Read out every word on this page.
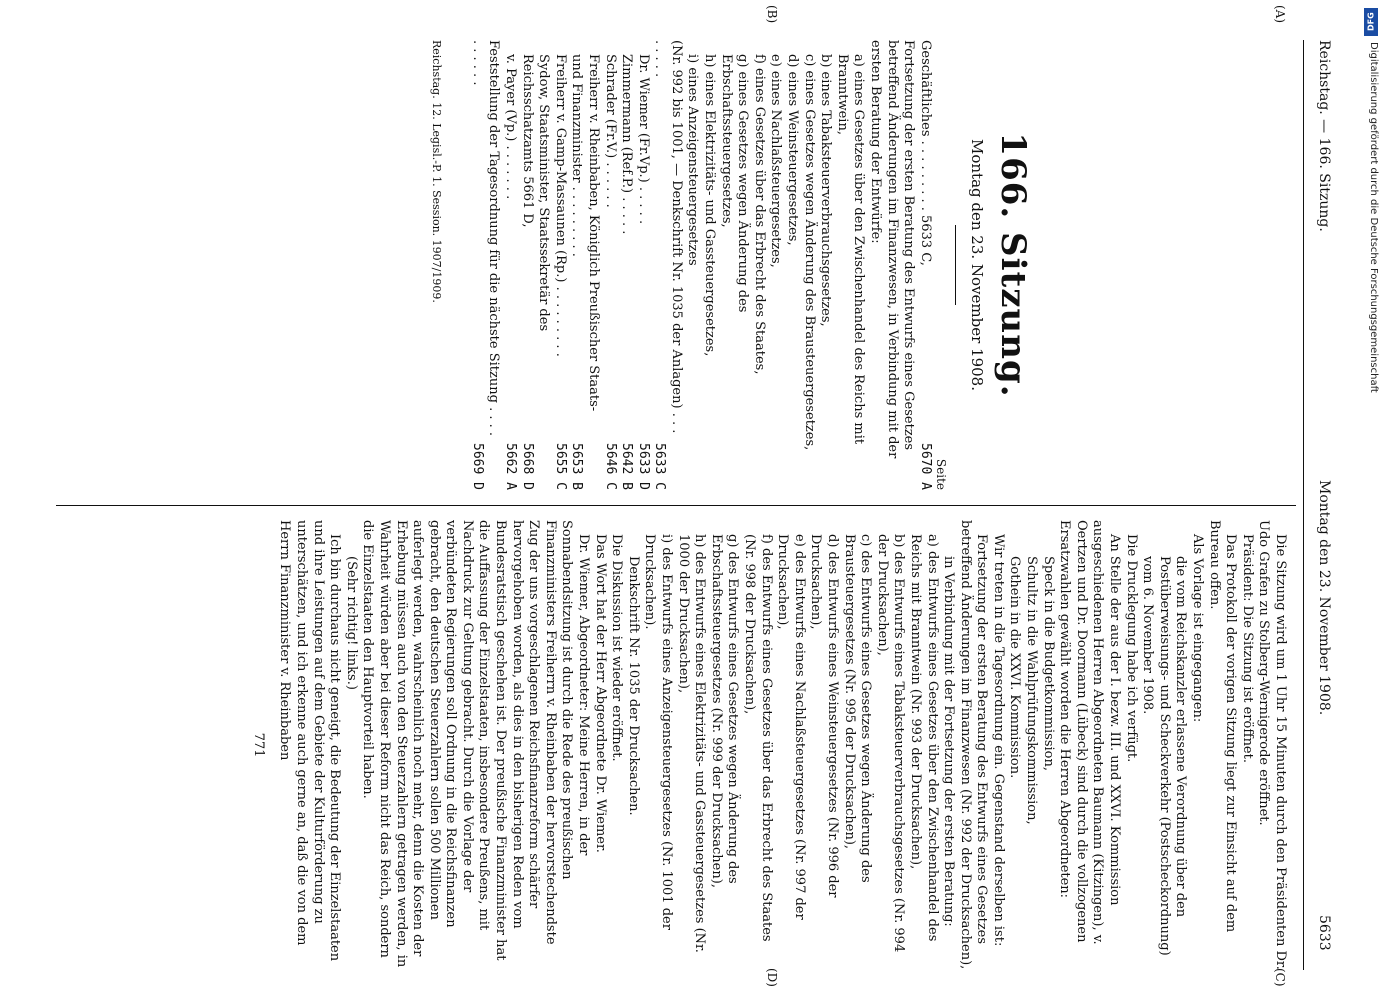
Reichstag. — 166. Sitzung.
Montag den 23. November 1908.
5633
(A)
(B)
(C)
(D)
166. Sitzung.
Montag den 23. November 1908.
Seite
Geschäftliches . . . . . . . . . 5633 C,
5670 A
Fortsetzung der ersten Beratung des Entwurfs eines Gesetzes betreffend Änderungen im Finanzwesen, in Verbindung mit der ersten Beratung der Entwürfe:
a) eines Gesetzes über den Zwischenhandel des Reichs mit Branntwein,
b) eines Tabaksteuerverbrauchsgesetzes,
c) eines Gesetzes wegen Änderung des Brausteuergesetzes,
d) eines Weinsteuergesetzes,
e) eines Nachlaßsteuergesetzes,
f) eines Gesetzes über das Erbrecht des Staates,
g) eines Gesetzes wegen Änderung des Erbschaftssteuergesetzes,
h) eines Elektrizitäts- und Gassteuergesetzes,
i) eines Anzeigensteuergesetzes
(Nr. 992 bis 1001, — Denkschrift Nr. 1035 der Anlagen) . . . . . . . .
5633 C
Dr. Wiemer (Fr.Vp.) . . . . .
5633 D
Zimmermann (Ref.P.) . . . . .
5642 B
Schrader (Fr.V.) . . . . . .
5646 C
Freiherr v. Rheinbaben, Königlich Preußischer Staats- und Finanzminister . . . . . . . . .
5653 B
Freiherr v. Gamp-Massaunen (Rp.) . . . . . . . . .
5655 C
Sydow, Staatsminister, Staatssekretär des Reichsschatzamts 5661 D,
5668 D
v. Payer (Vp.) . . . . . . .
5662 A
Feststellung der Tagesordnung für die nächste Sitzung . . . . . . . . . .
5669 D
Reichstag. 12. Legisl.-P. 1. Session. 1907/1909.

Die Sitzung wird um 1 Uhr 15 Minuten durch den Präsidenten Dr. Udo Grafen zu Stolberg-Wernigerode eröffnet.

Präsident: Die Sitzung ist eröffnet.

Das Protokoll der vorigen Sitzung liegt zur Einsicht auf dem Bureau offen.

Als Vorlage ist eingegangen:

die vom Reichskanzler erlassene Verordnung über den Postüberweisungs- und Scheckverkehr (Postscheckordnung) vom 6. November 1908.

Die Drucklegung habe ich verfügt.

An Stelle der aus der I. bezw. III. und XXVI. Kommission ausgeschiedenen Herren Abgeordneten Baumann (Kitzingen), v. Oertzen und Dr. Doormann (Lübeck) sind durch die vollzogenen Ersatzwahlen gewählt worden die Herren Abgeordneten:

Speck in die Budgetkommission,

Schultz in die Wahlprüfungskommission,

Gothein in die XXVI. Kommission.

Wir treten in die Tagesordnung ein. Gegenstand derselben ist:

Fortsetzung der ersten Beratung des Entwurfs eines Gesetzes betreffend Änderungen im Finanzwesen (Nr. 992 der Drucksachen),

in Verbindung mit der Fortsetzung der ersten Beratung:

a) des Entwurfs eines Gesetzes über den Zwischenhandel des Reichs mit Branntwein (Nr. 993 der Drucksachen),

b) des Entwurfs eines Tabaksteuerverbrauchsgesetzes (Nr. 994 der Drucksachen),

c) des Entwurfs eines Gesetzes wegen Änderung des Brausteuergesetzes (Nr. 995 der Drucksachen),

d) des Entwurfs eines Weinsteuergesetzes (Nr. 996 der Drucksachen),

e) des Entwurfs eines Nachlaßsteuergesetzes (Nr. 997 der Drucksachen),

f) des Entwurfs eines Gesetzes über das Erbrecht des Staates (Nr. 998 der Drucksachen),

g) des Entwurfs eines Gesetzes wegen Änderung des Erbschaftssteuergesetzes (Nr. 999 der Drucksachen),

h) des Entwurfs eines Elektrizitäts- und Gassteuergesetzes (Nr. 1000 der Drucksachen),

i) des Entwurfs eines Anzeigensteuergesetzes (Nr. 1001 der Drucksachen).

Denkschrift Nr. 1035 der Drucksachen.

Die Diskussion ist wieder eröffnet.

Das Wort hat der Herr Abgeordnete Dr. Wiemer.

Dr. Wiemer, Abgeordneter: Meine Herren, in der Sonnabendsitzung ist durch die Rede des preußischen Finanzministers Freiherrn v. Rheinbaben der hervorstechendste Zug der uns vorgeschlagenen Reichsfinanzreform schärfer hervorgehoben worden, als dies in den bisherigen Reden vom Bundesratstisch geschehen ist. Der preußische Finanzminister hat die Auffassung der Einzelstaaten, insbesondere Preußens, mit Nachdruck zur Geltung gebracht. Durch die Vorlage der verbündeten Regierungen soll Ordnung in die Reichsfinanzen gebracht, den deutschen Steuerzahlern sollen 500 Millionen auferlegt werden, wahrscheinlich noch mehr, denn die Kosten der Erhebung müssen auch von den Steuerzahlern getragen werden, in Wahrheit würden aber bei dieser Reform nicht das Reich, sondern die Einzelstaaten den Hauptvorteil haben.

(Sehr richtig! links.)

Ich bin durchaus nicht geneigt, die Bedeutung der Einzelstaaten und ihre Leistungen auf dem Gebiete der Kulturförderung zu unterschätzen, und ich erkenne auch gerne an, daß die von dem Herrn Finanzminister v. Rheinbaben

771
DFG
Digitalisierung gefördert durch die Deutsche Forschungsgemeinschaft
